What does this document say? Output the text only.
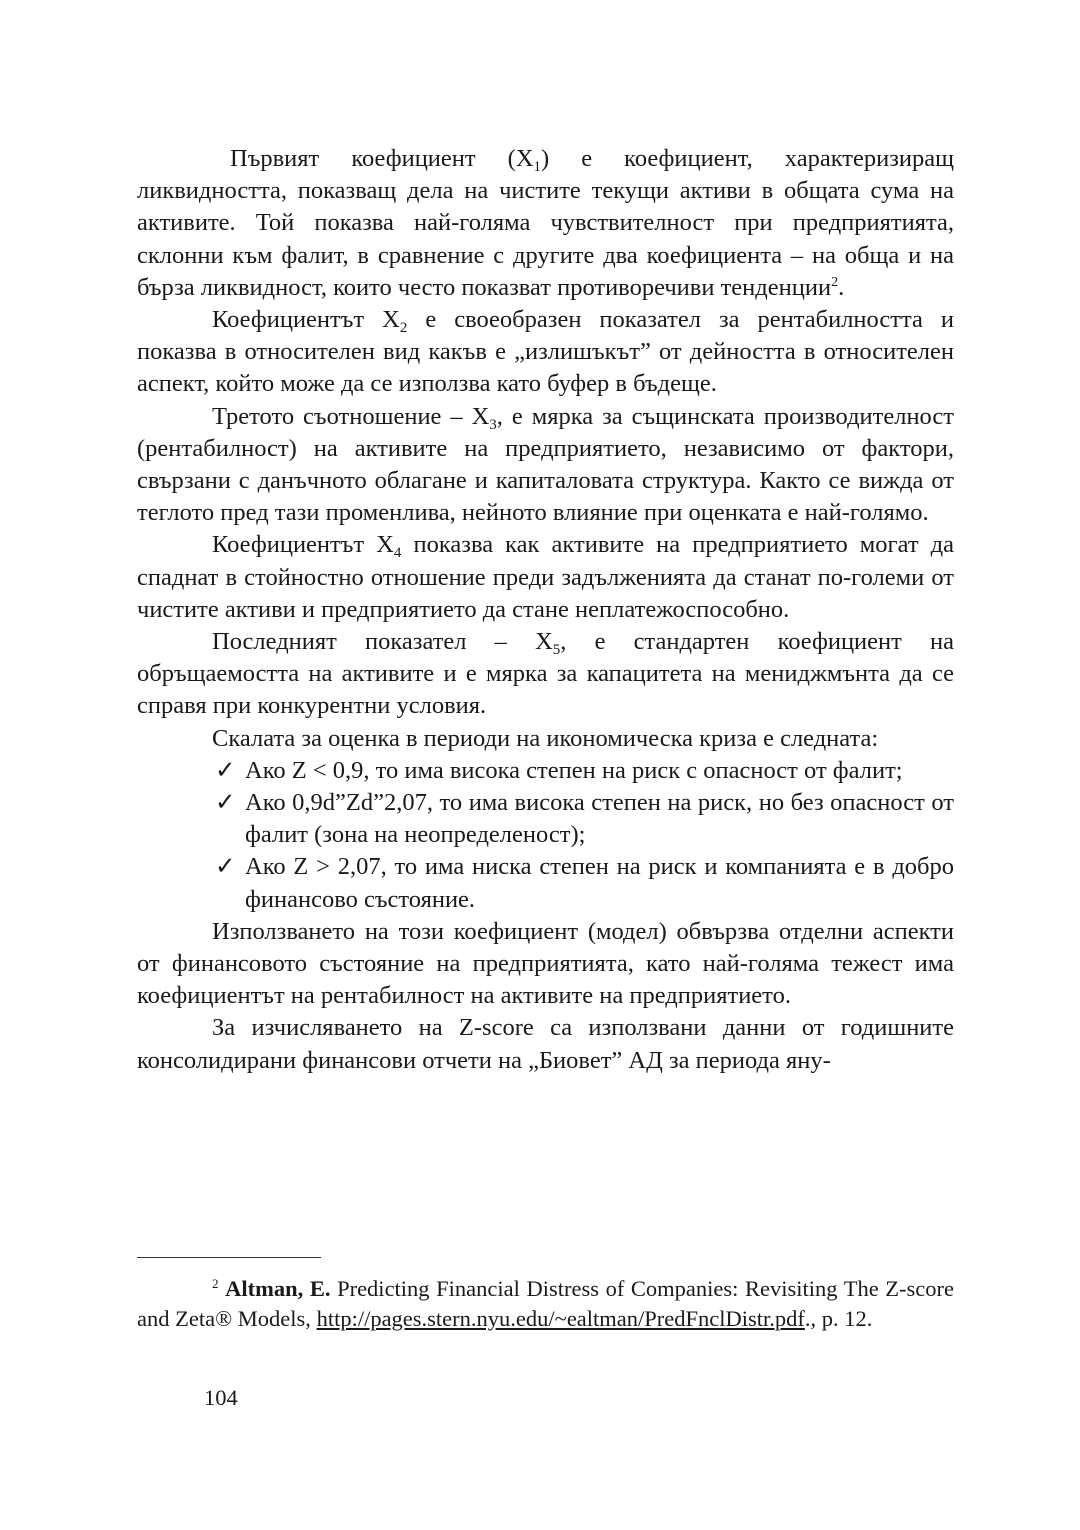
Първият коефициент $(X_1)$ е коефициент, характеризиращ ликвидността, показващ дела на чистите текущи активи в общата сума на активите. Той показва най-голяма чувствителност при предприятията, склонни към фалит, в сравнение с другите два коефициента – на обща и на бърза ликвидност, които често показват противоречиви тенденции$^2$.

Коефициентът $X_2$ е своеобразен показател за рентабилността и показва в относителен вид какъв е „излишъкът” от дейността в относителен аспект, който може да се използва като буфер в бъдеще.

Третото съотношение – $X_3$, е мярка за същинската производителност (рентабилност) на активите на предприятието, независимо от фактори, свързани с данъчното облагане и капиталовата структура. Както се вижда от теглото пред тази променлива, нейното влияние при оценката е най-голямо.

Коефициентът $X_4$ показва как активите на предприятието могат да спаднат в стойностно отношение преди задълженията да станат по-големи от чистите активи и предприятието да стане неплатежоспособно.

Последният показател – $X_5$, е стандартен коефициент на обръщаемостта на активите и е мярка за капацитета на мениджмънта да се справя при конкурентни условия.

Скалата за оценка в периоди на икономическа криза е следната:

✓ Ако Z < 0,9, то има висока степен на риск с опасност от фалит;

✓ Ако 0,9d”Zd”2,07, то има висока степен на риск, но без опасност от фалит (зона на неопределеност);

✓ Ако Z > 2,07, то има ниска степен на риск и компанията е в добро финансово състояние.

Използването на този коефициент (модел) обвързва отделни аспекти от финансовото състояние на предприятията, като най-голяма тежест има коефициентът на рентабилност на активите на предприятието.

За изчисляването на Z-score са използвани данни от годишните консолидирани финансови отчети на „Биовет” АД за периода яну-

$^2$ Altman, E. Predicting Financial Distress of Companies: Revisiting The Z-score and Zeta® Models, http://pages.stern.nyu.edu/~ealtman/PredFnclDistr.pdf., p. 12.

104
